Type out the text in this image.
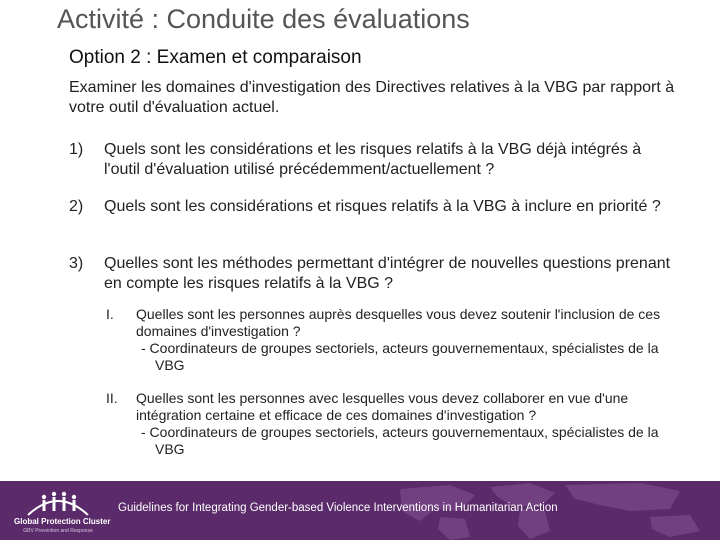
Activité : Conduite des évaluations
Option 2 : Examen et comparaison
Examiner les domaines d'investigation des Directives relatives à la VBG par rapport à votre outil d'évaluation actuel.
1) Quels sont les considérations et les risques relatifs à la VBG déjà intégrés à l'outil d'évaluation utilisé précédemment/actuellement ?
2) Quels sont les considérations et risques relatifs à la VBG à inclure en priorité ?
3) Quelles sont les méthodes permettant d'intégrer de nouvelles questions prenant en compte les risques relatifs à la VBG ?
I. Quelles sont les personnes auprès desquelles vous devez soutenir l'inclusion de ces domaines d'investigation ?
- Coordinateurs de groupes sectoriels, acteurs gouvernementaux, spécialistes de la VBG
II. Quelles sont les personnes avec lesquelles vous devez collaborer en vue d'une intégration certaine et efficace de ces domaines d'investigation ?
- Coordinateurs de groupes sectoriels, acteurs gouvernementaux, spécialistes de la VBG
Global Protection Cluster
GBV Prevention and Response
Guidelines for Integrating Gender-based Violence Interventions in Humanitarian Action
